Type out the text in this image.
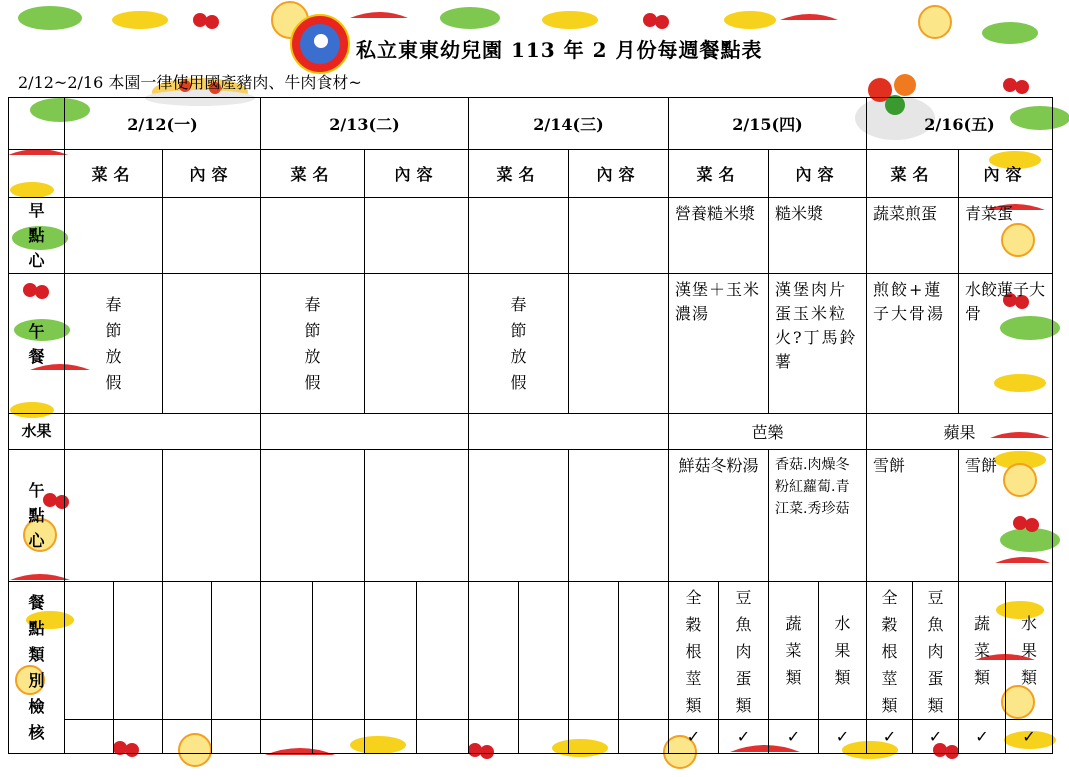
私立東東幼兒園 113 年 2 月份每週餐點表
2/12~2/16 本園一律使用國產豬肉、牛肉食材~
	2/12(一)				2/13(二)				2/14(三)				2/15(四)				2/16(五)			
	菜名		內容		菜名		內容		菜名		內容		菜名		內容		菜名		內容	
早點心													營養糙米漿		糙米漿		蔬菜煎蛋		青菜蛋	
午餐	春節放假				春節放假				春節放假				漢堡＋玉米濃湯		漢堡肉片蛋玉米粒火?丁馬鈴薯		煎餃+蓮子大骨湯		水餃蓮子大骨	
水果													芭樂				蘋果			
午點心													鮮菇冬粉湯		香菇.肉燥冬粉紅蘿蔔.青江菜.秀珍菇		雪餅		雪餅	
餐點類別檢核													全穀根莖類	豆魚肉蛋類	蔬菜類	水果類	全穀根莖類	豆魚肉蛋類	蔬菜類	水果類
													✓	✓	✓	✓	✓	✓	✓	✓
